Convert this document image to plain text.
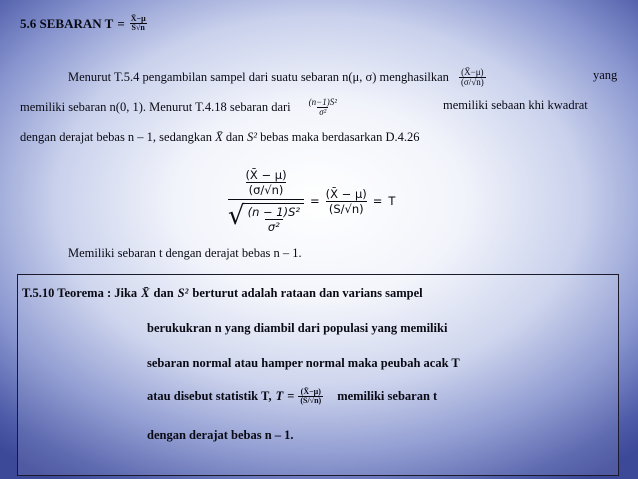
5.6 SEBARAN $T = \frac{X̄-\mu}{S√n}$
Menurut T.5.4 pengambilan sampel dari suatu sebaran n(μ, σ) menghasilkan $\frac{(X̄-\mu)}{(\sigma/√n)}$	yang
memiliki sebaran n(0, 1). Menurut T.4.18 sebaran dari $\frac{\text{(n−1)S²}}{\text{σ²}}$	memiliki sebaan khi kwadrat
dengan derajat bebas n – 1, sedangkan X̄ dan S² bebas maka berdasarkan D.4.26
(X̄ − μ)
(σ/√n)
√ $\frac{\text{(n − 1)S²}}{\text{σ²}} = \frac{(X̄ - \mu)}{(S/√n)} = T$
Memiliki sebaran t dengan derajat bebas n – 1.
T.5.10 Teorema : Jika X̄ dan S² berturut adalah rataan dan varians sampel
berukukran n yang diambil dari populasi yang memiliki
sebaran normal atau hamper normal maka peubah acak T
atau disebut statistik T, $T = \frac{(X̄-\mu)}{(S/√n)}$ memiliki sebaran t
dengan derajat bebas n – 1.
